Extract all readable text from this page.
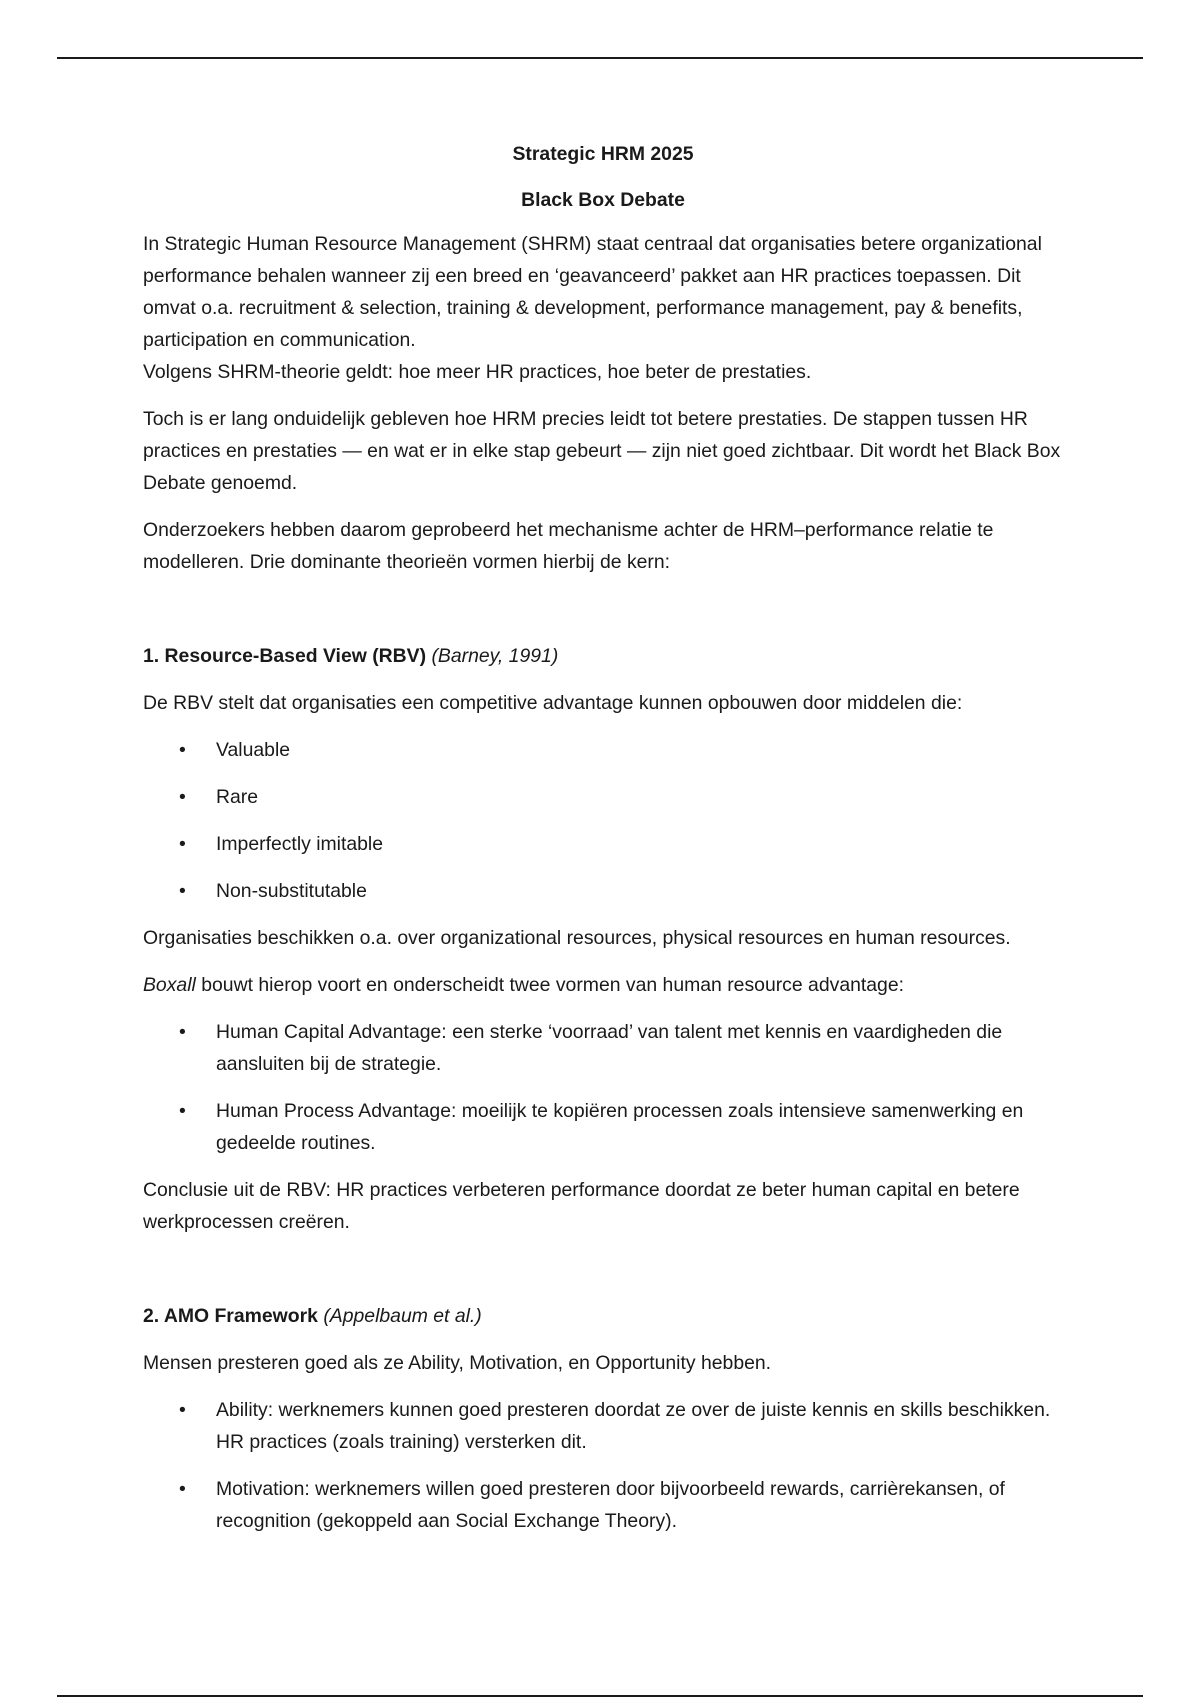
Strategic HRM 2025
Black Box Debate

In Strategic Human Resource Management (SHRM) staat centraal dat organisaties betere organizational performance behalen wanneer zij een breed en ‘geavanceerd’ pakket aan HR practices toepassen. Dit omvat o.a. recruitment & selection, training & development, performance management, pay & benefits, participation en communication.

Volgens SHRM-theorie geldt: hoe meer HR practices, hoe beter de prestaties.

Toch is er lang onduidelijk gebleven hoe HRM precies leidt tot betere prestaties. De stappen tussen HR practices en prestaties — en wat er in elke stap gebeurt — zijn niet goed zichtbaar. Dit wordt het Black Box Debate genoemd.

Onderzoekers hebben daarom geprobeerd het mechanisme achter de HRM–performance relatie te modelleren. Drie dominante theorieën vormen hierbij de kern:

1. Resource-Based View (RBV) (Barney, 1991)

De RBV stelt dat organisaties een competitive advantage kunnen opbouwen door middelen die:

• Valuable
• Rare
• Imperfectly imitable
• Non-substitutable

Organisaties beschikken o.a. over organizational resources, physical resources en human resources.

Boxall bouwt hierop voort en onderscheidt twee vormen van human resource advantage:

• Human Capital Advantage: een sterke ‘voorraad’ van talent met kennis en vaardigheden die aansluiten bij de strategie.
• Human Process Advantage: moeilijk te kopiëren processen zoals intensieve samenwerking en gedeelde routines.

Conclusie uit de RBV: HR practices verbeteren performance doordat ze beter human capital en betere werkprocessen creëren.

2. AMO Framework (Appelbaum et al.)

Mensen presteren goed als ze Ability, Motivation, en Opportunity hebben.

• Ability: werknemers kunnen goed presteren doordat ze over de juiste kennis en skills beschikken. HR practices (zoals training) versterken dit.
• Motivation: werknemers willen goed presteren door bijvoorbeeld rewards, carrièrekansen, of recognition (gekoppeld aan Social Exchange Theory).
